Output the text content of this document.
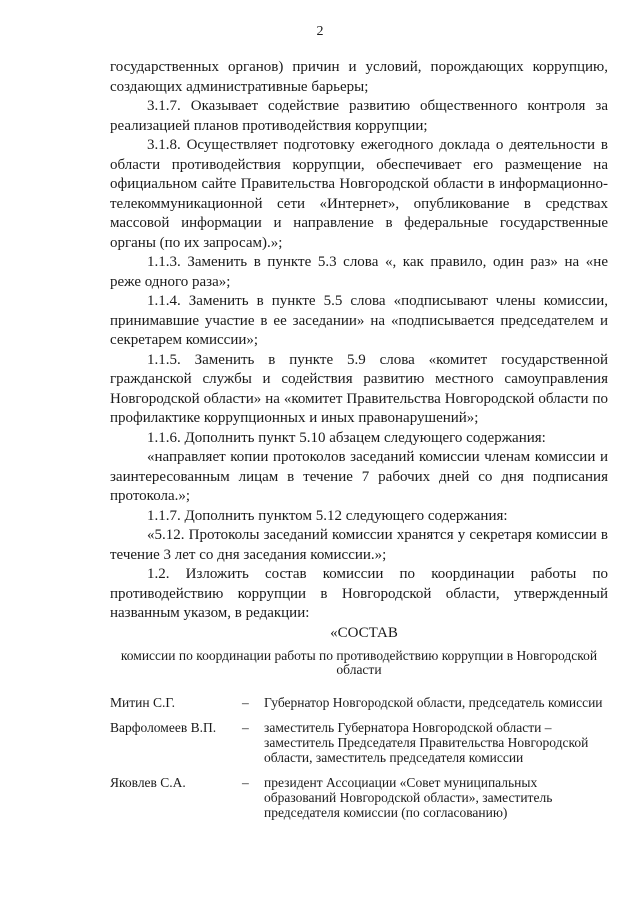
2

государственных органов) причин и условий, порождающих коррупцию, создающих административные барьеры;

3.1.7. Оказывает содействие развитию общественного контроля за реализацией планов противодействия коррупции;

3.1.8. Осуществляет подготовку ежегодного доклада о деятельности в области противодействия коррупции, обеспечивает его размещение на официальном сайте Правительства Новгородской области в информационно-телекоммуникационной сети «Интернет», опубликование в средствах массовой информации и направление в федеральные государственные органы (по их запросам).»;

1.1.3. Заменить в пункте 5.3 слова «, как правило, один раз» на «не реже одного раза»;

1.1.4. Заменить в пункте 5.5 слова «подписывают члены комиссии, принимавшие участие в ее заседании» на «подписывается председателем и секретарем комиссии»;

1.1.5. Заменить в пункте 5.9 слова «комитет государственной гражданской службы и содействия развитию местного самоуправления Новгородской области» на «комитет Правительства Новгородской области по профилактике коррупционных и иных правонарушений»;

1.1.6. Дополнить пункт 5.10 абзацем следующего содержания:

«направляет копии протоколов заседаний комиссии членам комиссии и заинтересованным лицам в течение 7 рабочих дней со дня подписания протокола.»;

1.1.7. Дополнить пунктом 5.12 следующего содержания:

«5.12. Протоколы заседаний комиссии хранятся у секретаря комиссии в течение 3 лет со дня заседания комиссии.»;

1.2. Изложить состав комиссии по координации работы по противодействию коррупции в Новгородской области, утвержденный названным указом, в редакции:

«СОСТАВ
комиссии по координации работы по противодействию коррупции в Новгородской области
Митин С.Г.	–	Губернатор Новгородской области, председатель комиссии
Варфоломеев В.П.	–	заместитель Губернатора Новгородской области – заместитель Председателя Правительства Новгородской области, заместитель председателя комиссии
Яковлев С.А.	–	президент Ассоциации «Совет муниципальных образований Новгородской области», заместитель председателя комиссии (по согласованию)
